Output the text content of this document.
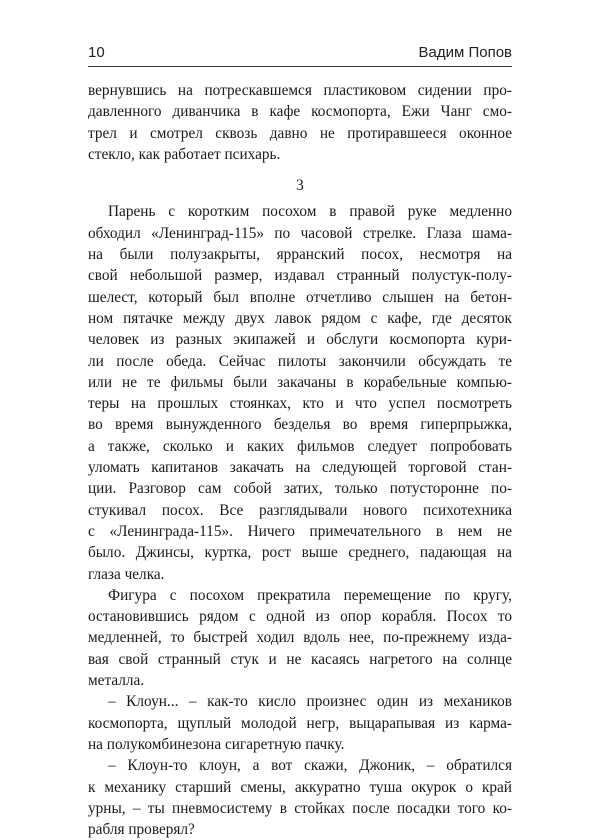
10	Вадим Попов
вернувшись на потрескавшемся пластиковом сидении про-
давленного диванчика в кафе космопорта, Ежи Чанг смо-
трел и смотрел сквозь давно не протиравшееся оконное
стекло, как работает психарь.
3
Парень с коротким посохом в правой руке медленно
обходил «Ленинград-115» по часовой стрелке. Глаза шама-
на были полузакрыты, ярранский посох, несмотря на
свой небольшой размер, издавал странный полустук-полу-
шелест, который был вполне отчетливо слышен на бетон-
ном пятачке между двух лавок рядом с кафе, где десяток
человек из разных экипажей и обслуги космопорта кури-
ли после обеда. Сейчас пилоты закончили обсуждать те
или не те фильмы были закачаны в корабельные компью-
теры на прошлых стоянках, кто и что успел посмотреть
во время вынужденного безделья во время гиперпрыжка,
а также, сколько и каких фильмов следует попробовать
уломать капитанов закачать на следующей торговой стан-
ции. Разговор сам собой затих, только потусторонне по-
стукивал посох. Все разглядывали нового психотехника
с «Ленинграда-115». Ничего примечательного в нем не
было. Джинсы, куртка, рост выше среднего, падающая на
глаза челка.
Фигура с посохом прекратила перемещение по кругу,
остановившись рядом с одной из опор корабля. Посох то
медленней, то быстрей ходил вдоль нее, по-прежнему изда-
вая свой странный стук и не касаясь нагретого на солнце
металла.
– Клоун... – как-то кисло произнес один из механиков
космопорта, щуплый молодой негр, выцарапывая из карма-
на полукомбинезона сигаретную пачку.
– Клоун-то клоун, а вот скажи, Джоник, – обратился
к механику старший смены, аккуратно туша окурок о край
урны, – ты пневмосистему в стойках после посадки того ко-
рабля проверял?
